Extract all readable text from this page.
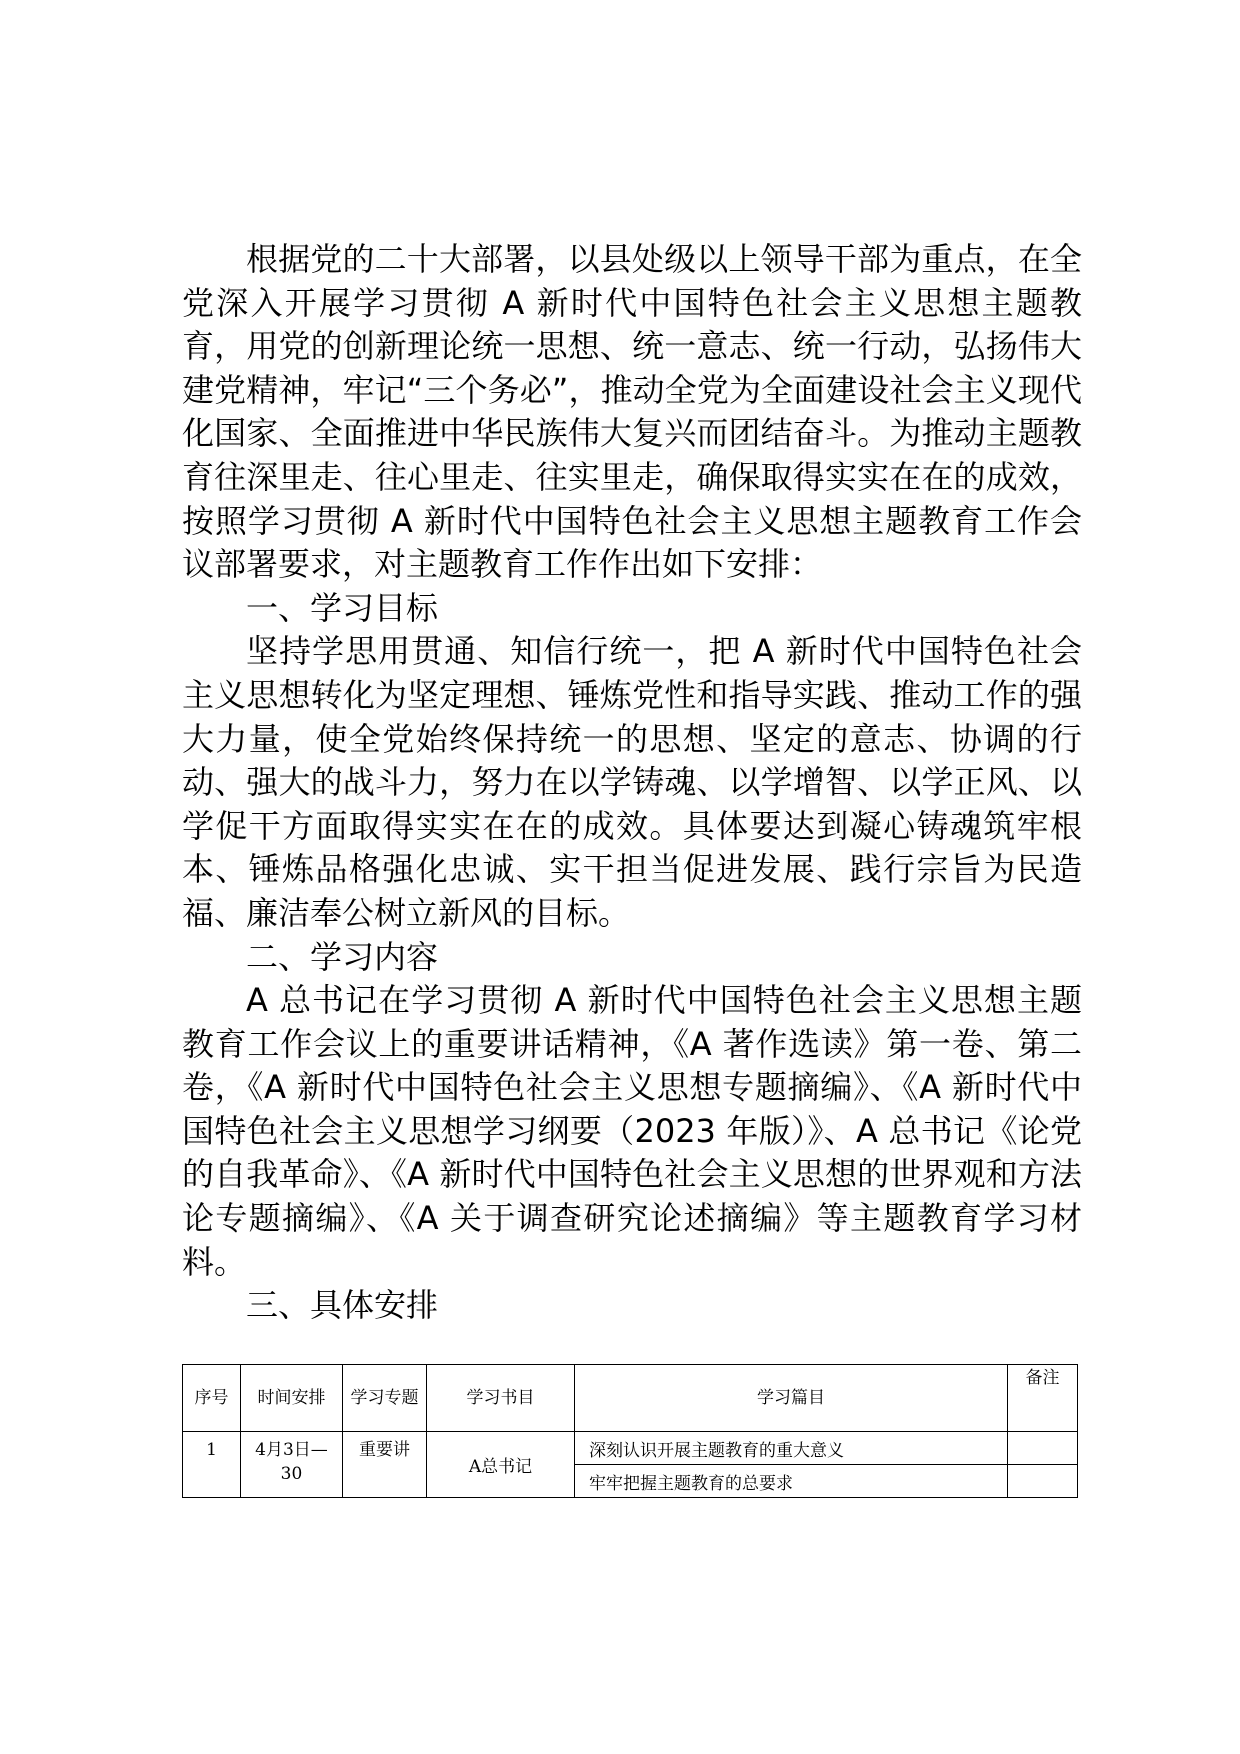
根据党的二十大部署，以县处级以上领导干部为重点，在全党深入开展学习贯彻 A 新时代中国特色社会主义思想主题教育，用党的创新理论统一思想、统一意志、统一行动，弘扬伟大建党精神，牢记“三个务必”，推动全党为全面建设社会主义现代化国家、全面推进中华民族伟大复兴而团结奋斗。为推动主题教育往深里走、往心里走、往实里走，确保取得实实在在的成效，按照学习贯彻 A 新时代中国特色社会主义思想主题教育工作会议部署要求，对主题教育工作作出如下安排：

一、学习目标

坚持学思用贯通、知信行统一，把 A 新时代中国特色社会主义思想转化为坚定理想、锤炼党性和指导实践、推动工作的强大力量，使全党始终保持统一的思想、坚定的意志、协调的行动、强大的战斗力，努力在以学铸魂、以学增智、以学正风、以学促干方面取得实实在在的成效。具体要达到凝心铸魂筑牢根本、锤炼品格强化忠诚、实干担当促进发展、践行宗旨为民造福、廉洁奉公树立新风的目标。

二、学习内容

A 总书记在学习贯彻 A 新时代中国特色社会主义思想主题教育工作会议上的重要讲话精神，《A 著作选读》第一卷、第二卷，《A 新时代中国特色社会主义思想专题摘编》、《A 新时代中国特色社会主义思想学习纲要（2023 年版）》、A 总书记《论党的自我革命》、《A 新时代中国特色社会主义思想的世界观和方法论专题摘编》、《A 关于调查研究论述摘编》等主题教育学习材料。

三、具体安排
序号	时间安排	学习专题	学习书目	学习篇目	备注
1	4月3日—30	重要讲	A总书记	深刻认识开展主题教育的重大意义	
				牢牢把握主题教育的总要求	
